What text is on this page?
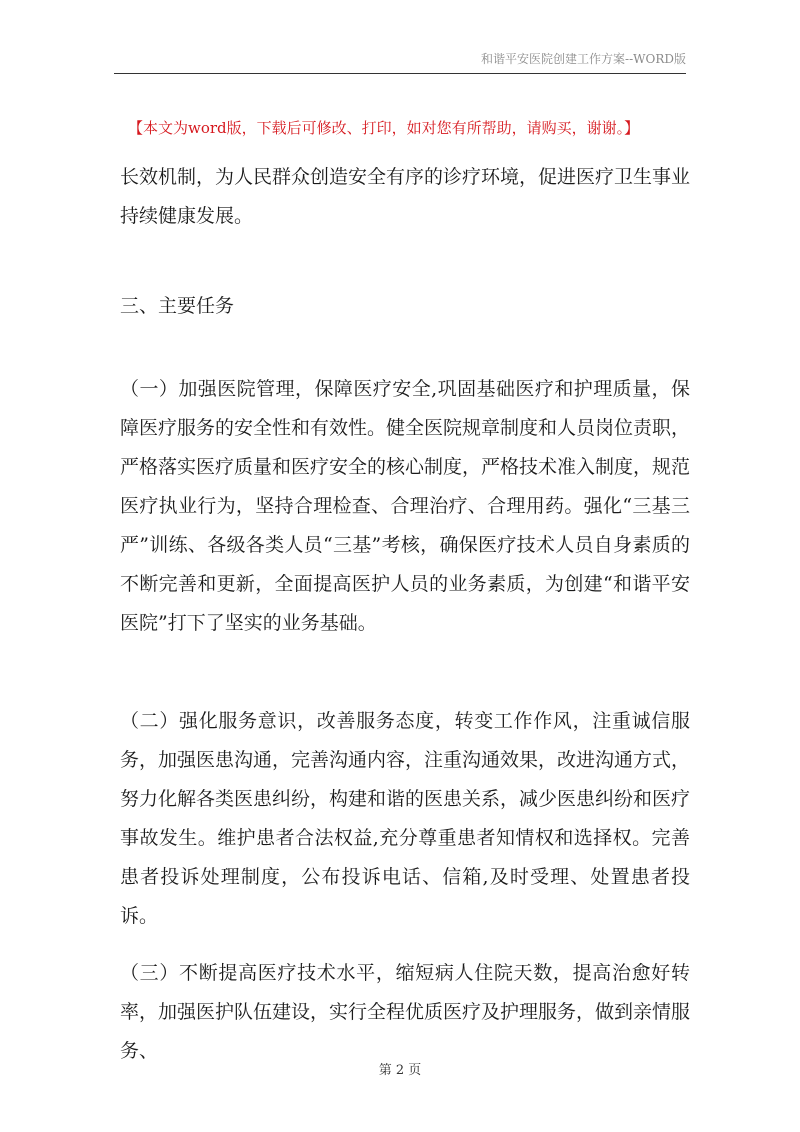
和谐平安医院创建工作方案--WORD版
【本文为word版，下载后可修改、打印，如对您有所帮助，请购买，谢谢。】
长效机制，为人民群众创造安全有序的诊疗环境，促进医疗卫生事业持续健康发展。
三、主要任务
（一）加强医院管理，保障医疗安全,巩固基础医疗和护理质量，保障医疗服务的安全性和有效性。健全医院规章制度和人员岗位责职，严格落实医疗质量和医疗安全的核心制度，严格技术准入制度，规范医疗执业行为，坚持合理检查、合理治疗、合理用药。强化“三基三严”训练、各级各类人员“三基”考核，确保医疗技术人员自身素质的不断完善和更新，全面提高医护人员的业务素质，为创建“和谐平安医院”打下了坚实的业务基础。
（二）强化服务意识，改善服务态度，转变工作作风，注重诚信服务，加强医患沟通，完善沟通内容，注重沟通效果，改进沟通方式，努力化解各类医患纠纷，构建和谐的医患关系，减少医患纠纷和医疗事故发生。维护患者合法权益,充分尊重患者知情权和选择权。完善患者投诉处理制度，公布投诉电话、信箱,及时受理、处置患者投诉。
（三）不断提高医疗技术水平，缩短病人住院天数，提高治愈好转率，加强医护队伍建设，实行全程优质医疗及护理服务，做到亲情服务、
第 2 页
